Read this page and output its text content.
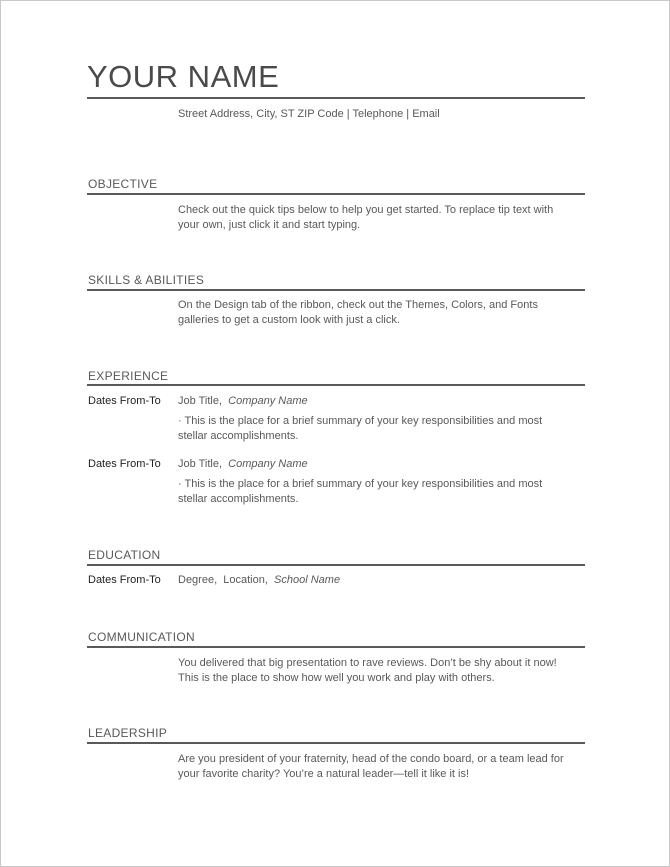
YOUR NAME
Street Address, City, ST ZIP Code | Telephone | Email
OBJECTIVE
Check out the quick tips below to help you get started. To replace tip text with your own, just click it and start typing.
SKILLS & ABILITIES
On the Design tab of the ribbon, check out the Themes, Colors, and Fonts galleries to get a custom look with just a click.
EXPERIENCE
Dates From-To Job Title, Company Name
· This is the place for a brief summary of your key responsibilities and most stellar accomplishments.
Dates From-To Job Title, Company Name
· This is the place for a brief summary of your key responsibilities and most stellar accomplishments.
EDUCATION
Dates From-To Degree, Location, School Name
COMMUNICATION
You delivered that big presentation to rave reviews. Don’t be shy about it now! This is the place to show how well you work and play with others.
LEADERSHIP
Are you president of your fraternity, head of the condo board, or a team lead for your favorite charity? You’re a natural leader—tell it like it is!
